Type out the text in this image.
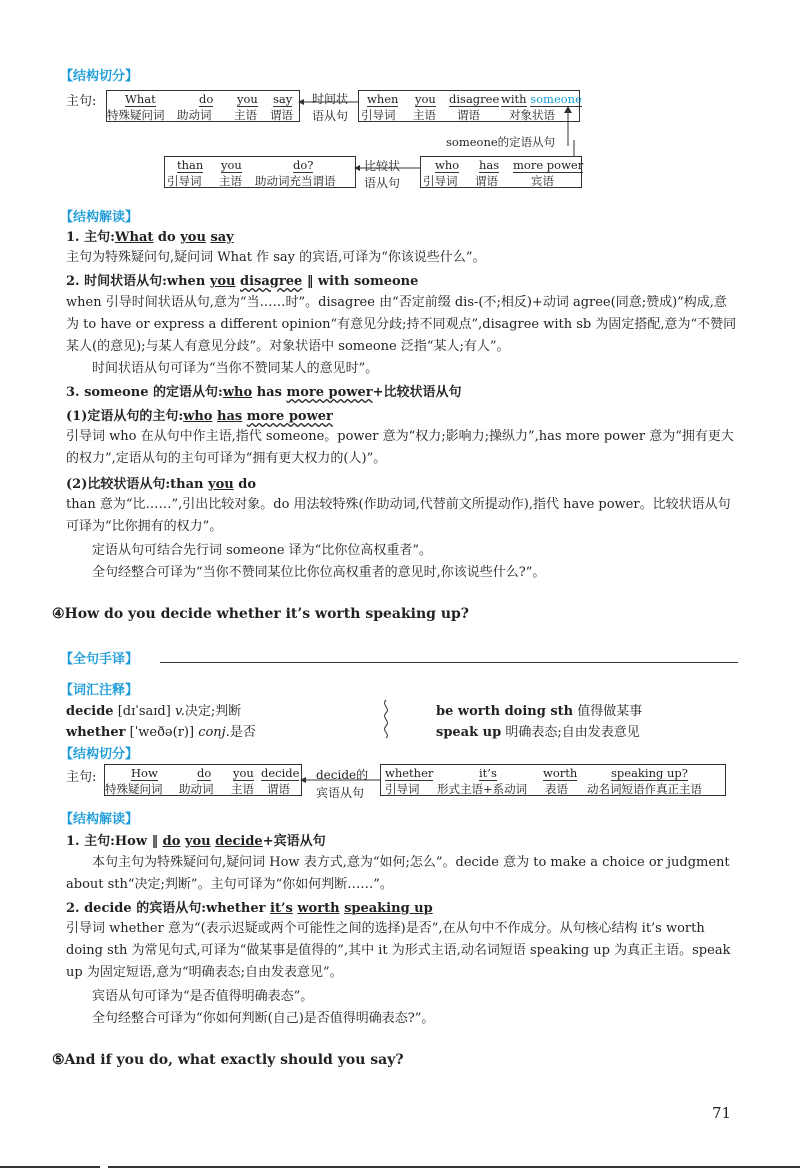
【结构切分】
主句: What
特殊疑问词
do
助动词
you
主语
say
谓语
时间状
语从句
when
引导词
you
主语
disagree
谓语
with someone
对象状语
someone的定语从句
than
引导词
you
主语
do?
助动词充当谓语
比较状
语从句
who
引导词
has
谓语
more power
宾语
【结构解读】
1. 主句:What do you say
主句为特殊疑问句,疑问词 What 作 say 的宾语,可译为“你该说些什么”。
2. 时间状语从句:when you disagree ‖ with someone
when 引导时间状语从句,意为“当……时”。disagree 由“否定前缀 dis-(不;相反)+动词 agree(同意;赞成)”构成,意为 to have or express a different opinion“有意见分歧;持不同观点”,disagree with sb 为固定搭配,意为“不赞同某人(的意见);与某人有意见分歧”。对象状语中 someone 泛指“某人;有人”。
时间状语从句可译为“当你不赞同某人的意见时”。
3. someone 的定语从句:who has more power+比较状语从句
(1)定语从句的主句:who has more power
引导词 who 在从句中作主语,指代 someone。power 意为“权力;影响力;操纵力”,has more power 意为“拥有更大的权力”,定语从句的主句可译为“拥有更大权力的(人)”。
(2)比较状语从句:than you do
than 意为“比……”,引出比较对象。do 用法较特殊(作助动词,代替前文所提动作),指代 have power。比较状语从句可译为“比你拥有的权力”。
定语从句可结合先行词 someone 译为“比你位高权重者”。
全句经整合可译为“当你不赞同某位比你位高权重者的意见时,你该说些什么?”。
④How do you decide whether it’s worth speaking up?
【全句手译】
【词汇注释】
decide [dɪˈsaɪd] v.决定;判断
whether [ˈweðə(r)] conj.是否
be worth doing sth 值得做某事
speak up 明确表态;自由发表意见
【结构切分】
主句:	How
特殊疑问词
do
助动词
you
主语
decide
谓语
decide的
宾语从句
whether
引导词
it’s
形式主语+系动词
worth
表语
speaking up?
动名词短语作真正主语
【结构解读】
1. 主句:How ‖ do you decide+宾语从句
本句主句为特殊疑问句,疑问词 How 表方式,意为“如何;怎么”。decide 意为 to make a choice or judgment about sth“决定;判断”。主句可译为“你如何判断……”。
2. decide 的宾语从句:whether it’s worth speaking up
引导词 whether 意为“(表示迟疑或两个可能性之间的选择)是否”,在从句中不作成分。从句核心结构 it’s worth doing sth 为常见句式,可译为“做某事是值得的”,其中 it 为形式主语,动名词短语 speaking up 为真正主语。speak up 为固定短语,意为“明确表态;自由发表意见”。
宾语从句可译为“是否值得明确表态”。
全句经整合可译为“你如何判断(自己)是否值得明确表态?”。
⑤And if you do, what exactly should you say?
71
